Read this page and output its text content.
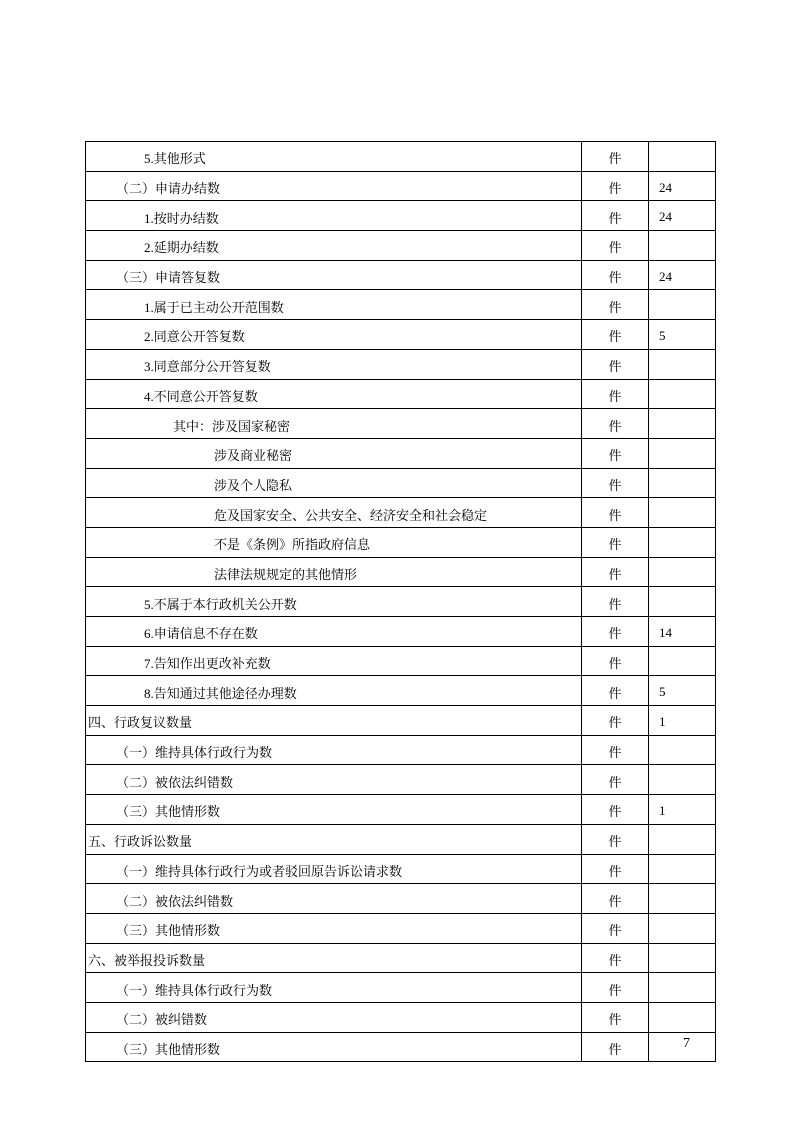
5.其他形式	件	
（二）申请办结数	件	24
1.按时办结数	件	24
2.延期办结数	件	
（三）申请答复数	件	24
1.属于已主动公开范围数	件	
2.同意公开答复数	件	5
3.同意部分公开答复数	件	
4.不同意公开答复数	件	
其中：涉及国家秘密	件	
涉及商业秘密	件	
涉及个人隐私	件	
危及国家安全、公共安全、经济安全和社会稳定	件	
不是《条例》所指政府信息	件	
法律法规规定的其他情形	件	
5.不属于本行政机关公开数	件	
6.申请信息不存在数	件	14
7.告知作出更改补充数	件	
8.告知通过其他途径办理数	件	5
四、行政复议数量	件	1
（一）维持具体行政行为数	件	
（二）被依法纠错数	件	
（三）其他情形数	件	1
五、行政诉讼数量	件	
（一）维持具体行政行为或者驳回原告诉讼请求数	件	
（二）被依法纠错数	件	
（三）其他情形数	件	
六、被举报投诉数量	件	
（一）维持具体行政行为数	件	
（二）被纠错数	件	
（三）其他情形数	件		7
